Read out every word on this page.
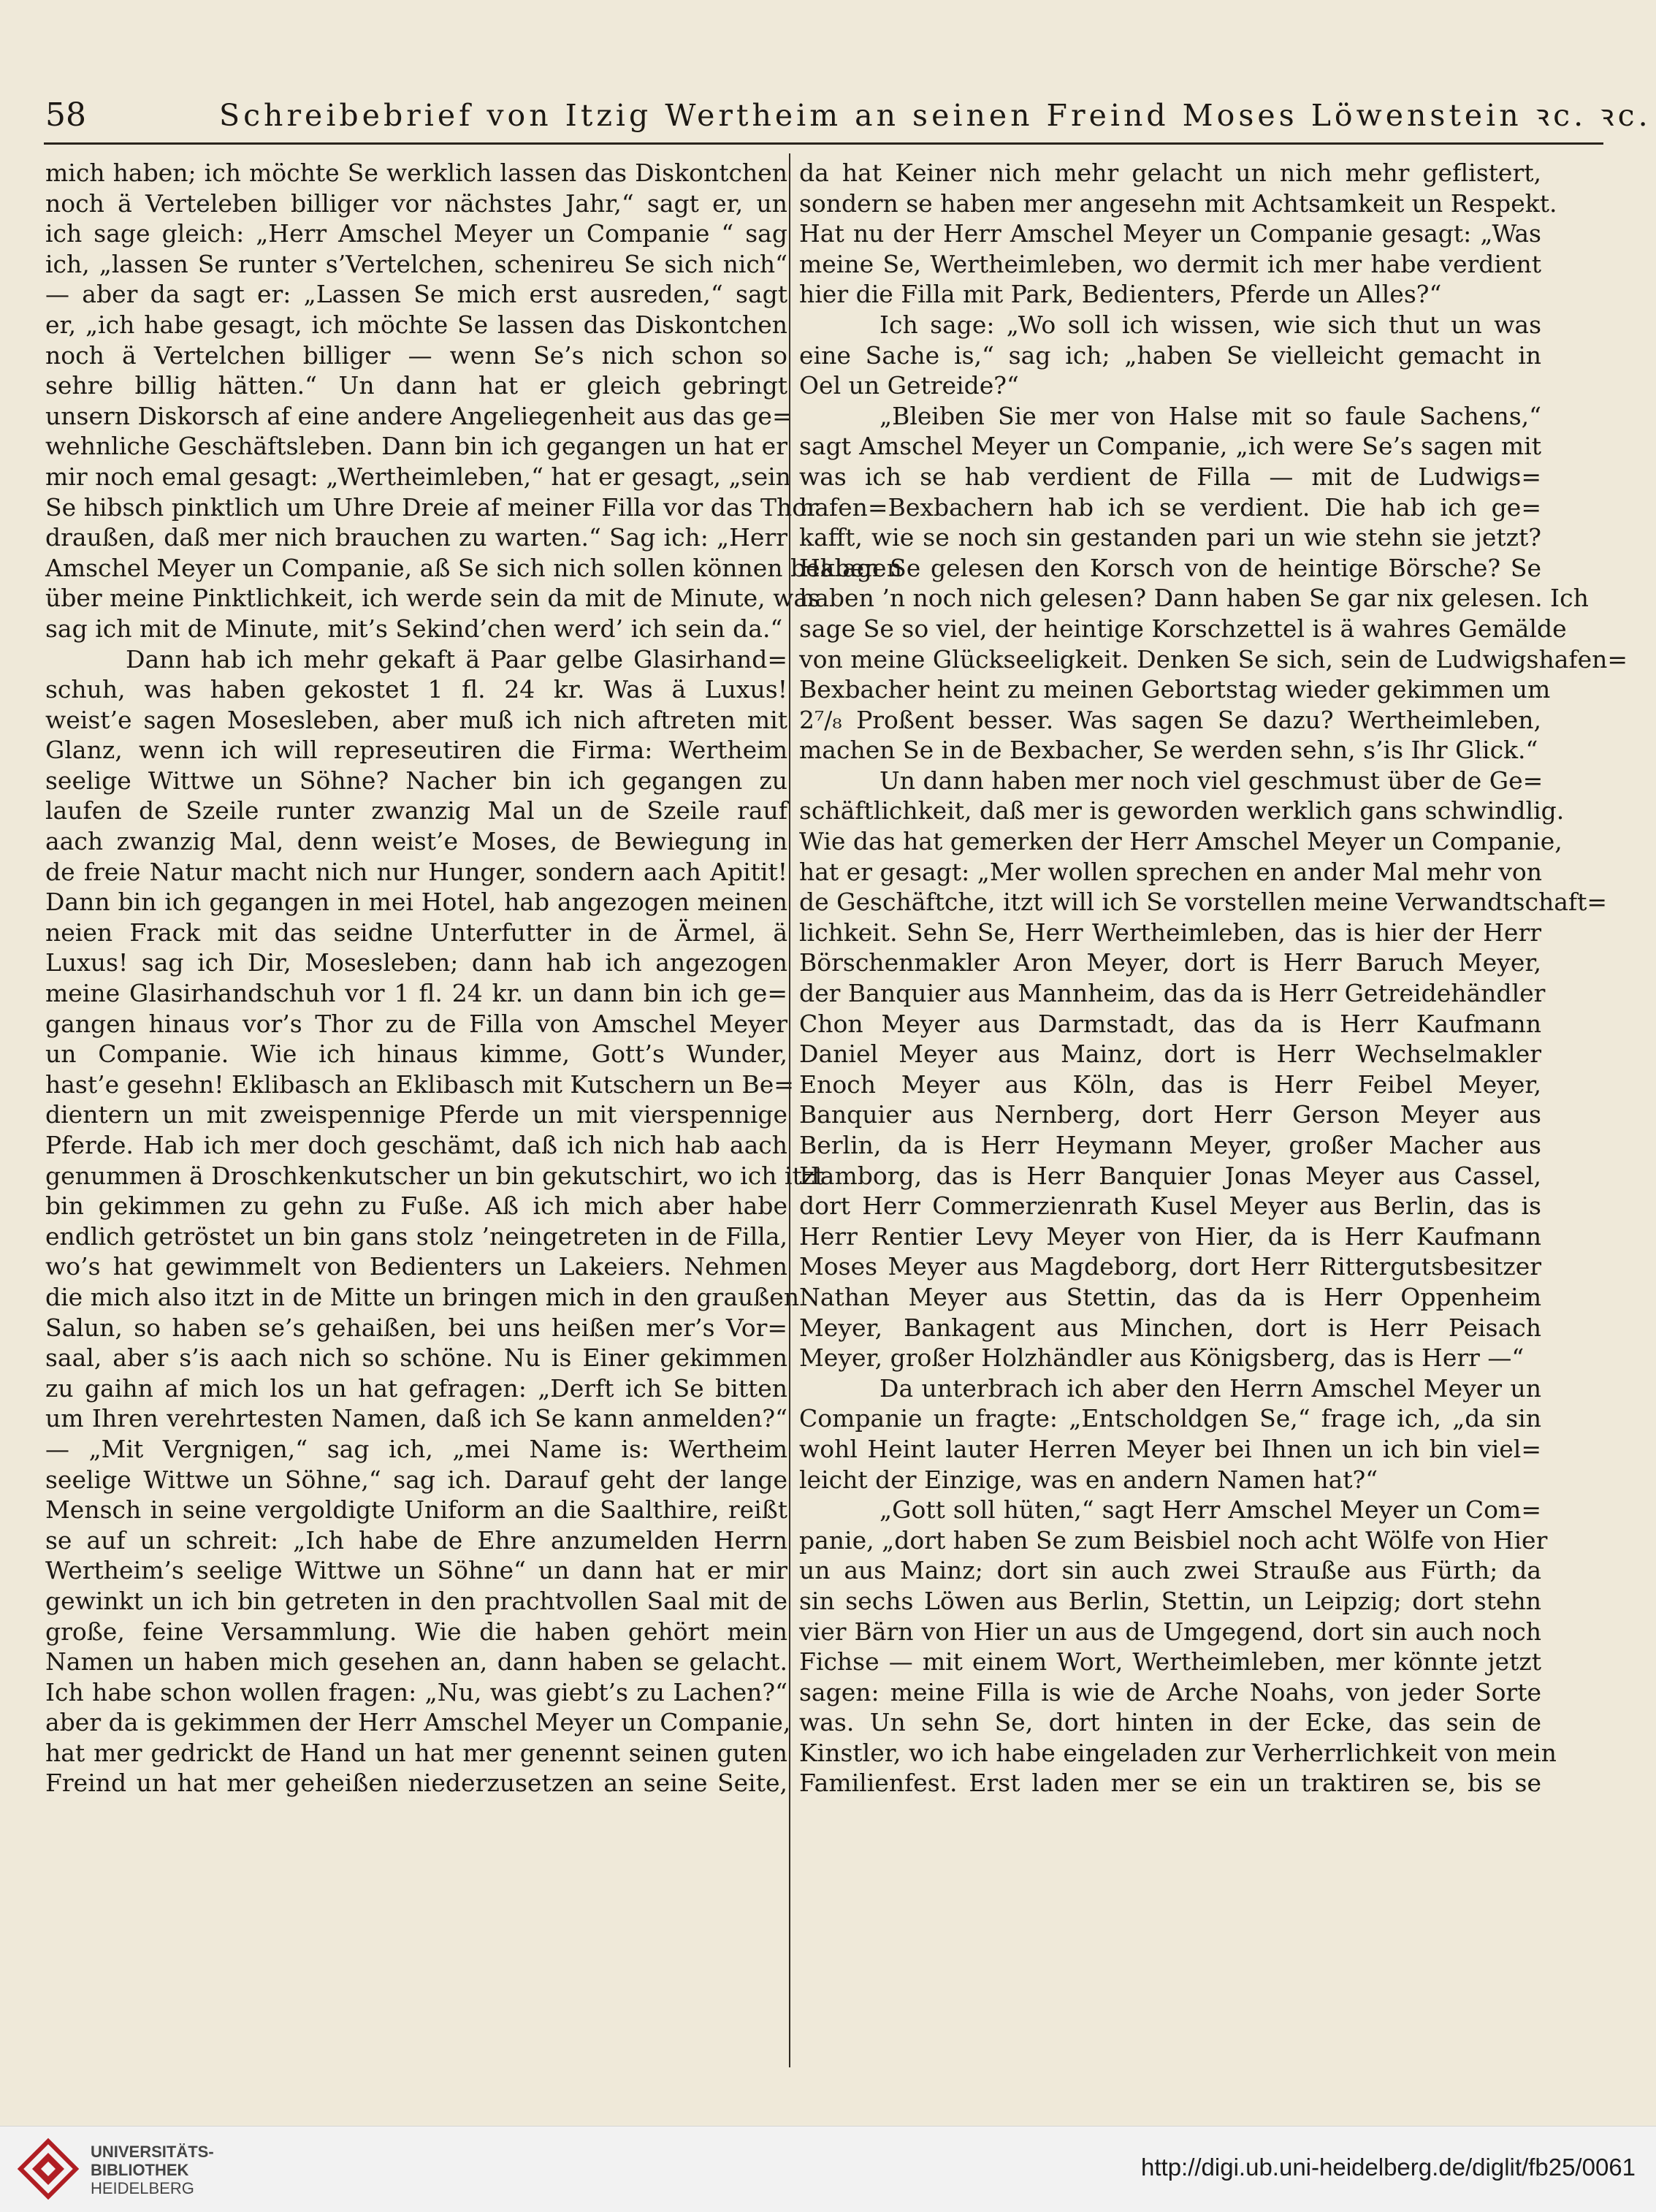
58	Schreibebrief von Itzig Wertheim an seinen Freind Moses Löwenstein ꝛc. ꝛc.
mich haben; ich möchte Se werklich lassen das Diskontchen
noch ä Verteleben billiger vor nächstes Jahr,“ sagt er, un
ich sage gleich: „Herr Amschel Meyer un Companie “ sag
ich, „lassen Se runter s’Vertelchen, schenireu Se sich nich“
— aber da sagt er: „Lassen Se mich erst ausreden,“ sagt
er, „ich habe gesagt, ich möchte Se lassen das Diskontchen
noch ä Vertelchen billiger — wenn Se’s nich schon so
sehre billig hätten.“ Un dann hat er gleich gebringt
unsern Diskorsch af eine andere Angeliegenheit aus das ge=
wehnliche Geschäftsleben. Dann bin ich gegangen un hat er
mir noch emal gesagt: „Wertheimleben,“ hat er gesagt, „sein
Se hibsch pinktlich um Uhre Dreie af meiner Filla vor das Thor
draußen, daß mer nich brauchen zu warten.“ Sag ich: „Herr
Amschel Meyer un Companie, aß Se sich nich sollen können beklagen
über meine Pinktlichkeit, ich werde sein da mit de Minute, was
sag ich mit de Minute, mit’s Sekind’chen werd’ ich sein da.“
Dann hab ich mehr gekaft ä Paar gelbe Glasirhand=
schuh, was haben gekostet 1 fl. 24 kr. Was ä Luxus!
weist’e sagen Mosesleben, aber muß ich nich aftreten mit
Glanz, wenn ich will represeutiren die Firma: Wertheim
seelige Wittwe un Söhne? Nacher bin ich gegangen zu
laufen de Szeile runter zwanzig Mal un de Szeile rauf
aach zwanzig Mal, denn weist’e Moses, de Bewiegung in
de freie Natur macht nich nur Hunger, sondern aach Apitit!
Dann bin ich gegangen in mei Hotel, hab angezogen meinen
neien Frack mit das seidne Unterfutter in de Ärmel, ä
Luxus! sag ich Dir, Mosesleben; dann hab ich angezogen
meine Glasirhandschuh vor 1 fl. 24 kr. un dann bin ich ge=
gangen hinaus vor’s Thor zu de Filla von Amschel Meyer
un Companie. Wie ich hinaus kimme, Gott’s Wunder,
hast’e gesehn! Eklibasch an Eklibasch mit Kutschern un Be=
dientern un mit zweispennige Pferde un mit vierspennige
Pferde. Hab ich mer doch geschämt, daß ich nich hab aach
genummen ä Droschkenkutscher un bin gekutschirt, wo ich itzt
bin gekimmen zu gehn zu Fuße. Aß ich mich aber habe
endlich getröstet un bin gans stolz ’neingetreten in de Filla,
wo’s hat gewimmelt von Bedienters un Lakeiers. Nehmen
die mich also itzt in de Mitte un bringen mich in den graußen
Salun, so haben se’s gehaißen, bei uns heißen mer’s Vor=
saal, aber s’is aach nich so schöne. Nu is Einer gekimmen
zu gaihn af mich los un hat gefragen: „Derft ich Se bitten
um Ihren verehrtesten Namen, daß ich Se kann anmelden?“
— „Mit Vergnigen,“ sag ich, „mei Name is: Wertheim
seelige Wittwe un Söhne,“ sag ich. Darauf geht der lange
Mensch in seine vergoldigte Uniform an die Saalthire, reißt
se auf un schreit: „Ich habe de Ehre anzumelden Herrn
Wertheim’s seelige Wittwe un Söhne“ un dann hat er mir
gewinkt un ich bin getreten in den prachtvollen Saal mit de
große, feine Versammlung. Wie die haben gehört mein
Namen un haben mich gesehen an, dann haben se gelacht.
Ich habe schon wollen fragen: „Nu, was giebt’s zu Lachen?“
aber da is gekimmen der Herr Amschel Meyer un Companie,
hat mer gedrickt de Hand un hat mer genennt seinen guten
Freind un hat mer geheißen niederzusetzen an seine Seite,
da hat Keiner nich mehr gelacht un nich mehr geflistert,
sondern se haben mer angesehn mit Achtsamkeit un Respekt.
Hat nu der Herr Amschel Meyer un Companie gesagt: „Was
meine Se, Wertheimleben, wo dermit ich mer habe verdient
hier die Filla mit Park, Bedienters, Pferde un Alles?“
Ich sage: „Wo soll ich wissen, wie sich thut un was
eine Sache is,“ sag ich; „haben Se vielleicht gemacht in
Oel un Getreide?“
„Bleiben Sie mer von Halse mit so faule Sachens,“
sagt Amschel Meyer un Companie, „ich were Se’s sagen mit
was ich se hab verdient de Filla — mit de Ludwigs=
hafen=Bexbachern hab ich se verdient. Die hab ich ge=
kafft, wie se noch sin gestanden pari un wie stehn sie jetzt?
Haben Se gelesen den Korsch von de heintige Börsche? Se
haben ’n noch nich gelesen? Dann haben Se gar nix gelesen. Ich
sage Se so viel, der heintige Korschzettel is ä wahres Gemälde
von meine Glückseeligkeit. Denken Se sich, sein de Ludwigshafen=
Bexbacher heint zu meinen Gebortstag wieder gekimmen um
2⁷/₈ Proßent besser. Was sagen Se dazu? Wertheimleben,
machen Se in de Bexbacher, Se werden sehn, s’is Ihr Glick.“
Un dann haben mer noch viel geschmust über de Ge=
schäftlichkeit, daß mer is geworden werklich gans schwindlig.
Wie das hat gemerken der Herr Amschel Meyer un Companie,
hat er gesagt: „Mer wollen sprechen en ander Mal mehr von
de Geschäftche, itzt will ich Se vorstellen meine Verwandtschaft=
lichkeit. Sehn Se, Herr Wertheimleben, das is hier der Herr
Börschenmakler Aron Meyer, dort is Herr Baruch Meyer,
der Banquier aus Mannheim, das da is Herr Getreidehändler
Chon Meyer aus Darmstadt, das da is Herr Kaufmann
Daniel Meyer aus Mainz, dort is Herr Wechselmakler
Enoch Meyer aus Köln, das is Herr Feibel Meyer,
Banquier aus Nernberg, dort Herr Gerson Meyer aus
Berlin, da is Herr Heymann Meyer, großer Macher aus
Hamborg, das is Herr Banquier Jonas Meyer aus Cassel,
dort Herr Commerzienrath Kusel Meyer aus Berlin, das is
Herr Rentier Levy Meyer von Hier, da is Herr Kaufmann
Moses Meyer aus Magdeborg, dort Herr Rittergutsbesitzer
Nathan Meyer aus Stettin, das da is Herr Oppenheim
Meyer, Bankagent aus Minchen, dort is Herr Peisach
Meyer, großer Holzhändler aus Königsberg, das is Herr —“
Da unterbrach ich aber den Herrn Amschel Meyer un
Companie un fragte: „Entscholdgen Se,“ frage ich, „da sin
wohl Heint lauter Herren Meyer bei Ihnen un ich bin viel=
leicht der Einzige, was en andern Namen hat?“
„Gott soll hüten,“ sagt Herr Amschel Meyer un Com=
panie, „dort haben Se zum Beisbiel noch acht Wölfe von Hier
un aus Mainz; dort sin auch zwei Strauße aus Fürth; da
sin sechs Löwen aus Berlin, Stettin, un Leipzig; dort stehn
vier Bärn von Hier un aus de Umgegend, dort sin auch noch
Fichse — mit einem Wort, Wertheimleben, mer könnte jetzt
sagen: meine Filla is wie de Arche Noahs, von jeder Sorte
was. Un sehn Se, dort hinten in der Ecke, das sein de
Kinstler, wo ich habe eingeladen zur Verherrlichkeit von mein
Familienfest. Erst laden mer se ein un traktiren se, bis se
UNIVERSITÄTS-
BIBLIOTHEK
HEIDELBERG
http://digi.ub.uni-heidelberg.de/diglit/fb25/0061
